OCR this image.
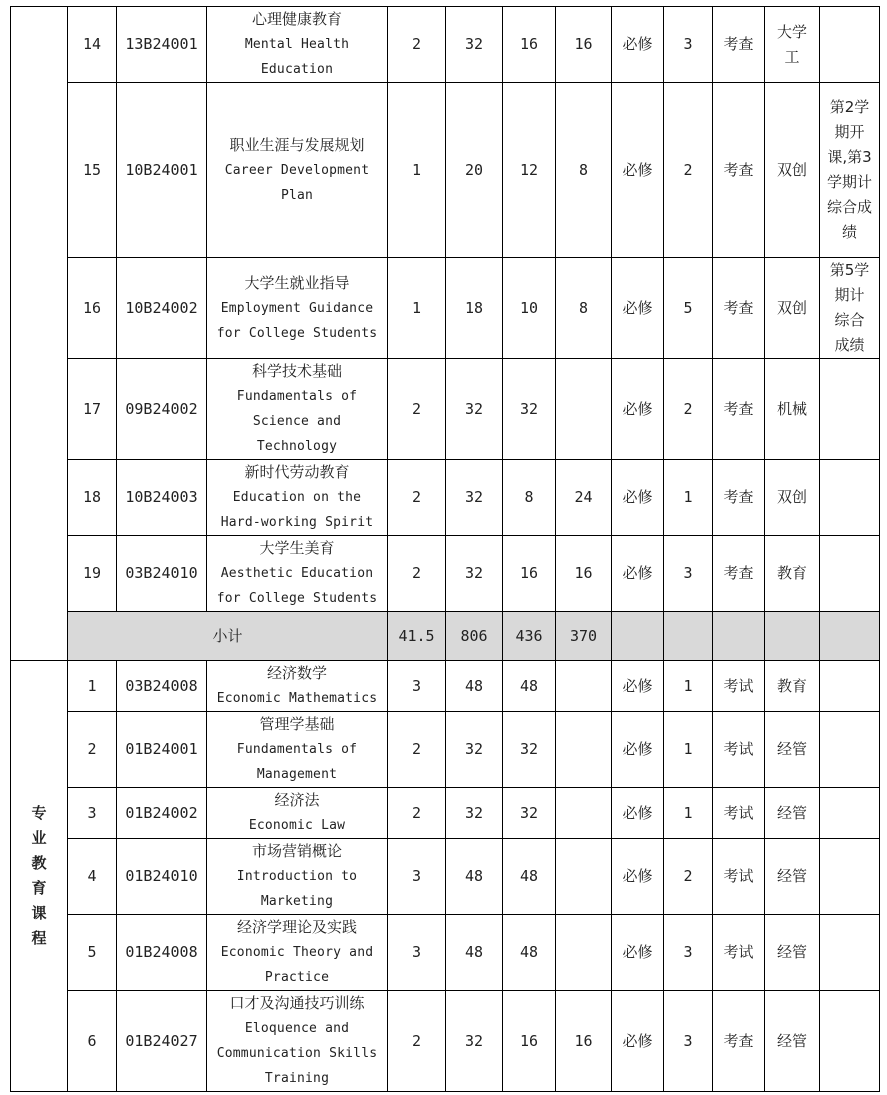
	14	13B24001	心理健康教育
Mental Health
Education	2	32	16	16	必修	3	考查	大学工	

	15	10B24001	职业生涯与发展规划
Career Development
Plan	1	20	12	8	必修	2	考查	双创	第2学期开课,第3学期计综合成绩

	16	10B24002	大学生就业指导
Employment Guidance
for College Students	1	18	10	8	必修	5	考查	双创	第5学期计综合成绩

	17	09B24002	科学技术基础
Fundamentals of
Science and
Technology	2	32	32		必修	2	考查	机械	
	18	10B24003	新时代劳动教育
Education on the
Hard-working Spirit	2	32	8	24	必修	1	考查	双创	
	19	03B24010	大学生美育
Aesthetic Education
for College Students	2	32	16	16	必修	3	考查	教育	
	小计			41.5	806	436	370					

专业教育课程	1	03B24008	经济数学
Economic Mathematics	3	48	48		必修	1	考试	教育	
	2	01B24001	管理学基础
Fundamentals of
Management	2	32	32		必修	1	考试	经管	
	3	01B24002	经济法
Economic Law	2	32	32		必修	1	考试	经管	
	4	01B24010	市场营销概论
Introduction to
Marketing	3	48	48		必修	2	考试	经管	
	5	01B24008	经济学理论及实践
Economic Theory and
Practice	3	48	48		必修	3	考试	经管	
	6	01B24027	口才及沟通技巧训练
Eloquence and
Communication Skills
Training	2	32	16	16	必修	3	考查	经管	
